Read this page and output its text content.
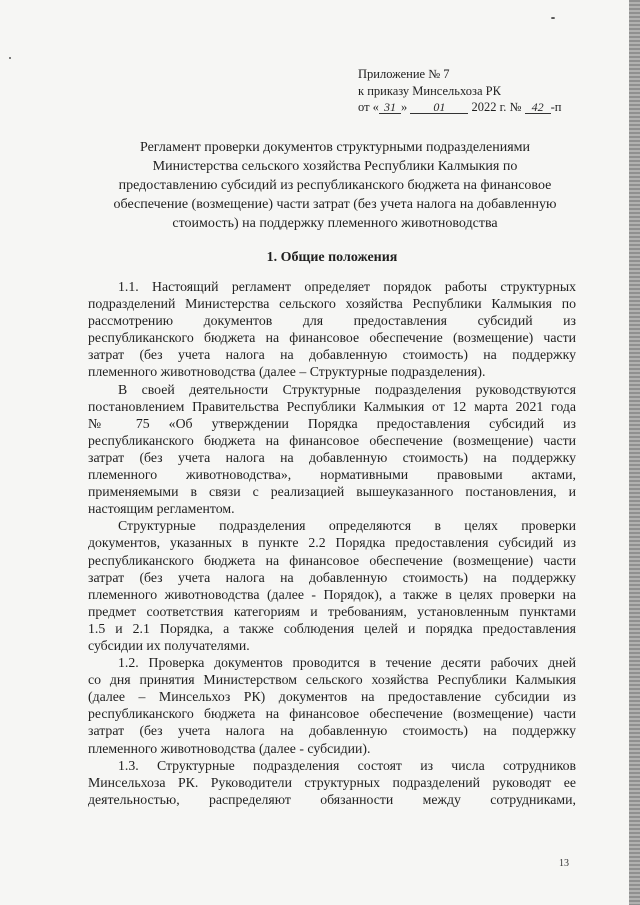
Приложение № 7
к приказу Минсельхоза РК
от « 31 » 01 2022 г. № 42 -п
Регламент проверки документов структурными подразделениями
Министерства сельского хозяйства Республики Калмыкия по
предоставлению субсидий из республиканского бюджета на финансовое
обеспечение (возмещение) части затрат (без учета налога на добавленную
стоимость) на поддержку племенного животноводства
1. Общие положения
1.1. Настоящий регламент определяет порядок работы структурных
подразделений Министерства сельского хозяйства Республики Калмыкия по
рассмотрению документов для предоставления субсидий из
республиканского бюджета на финансовое обеспечение (возмещение) части
затрат (без учета налога на добавленную стоимость) на поддержку
племенного животноводства (далее – Структурные подразделения).
В своей деятельности Структурные подразделения руководствуются
постановлением Правительства Республики Калмыкия от 12 марта 2021 года
№ 75 «Об утверждении Порядка предоставления субсидий из
республиканского бюджета на финансовое обеспечение (возмещение) части
затрат (без учета налога на добавленную стоимость) на поддержку
племенного животноводства», нормативными правовыми актами,
применяемыми в связи с реализацией вышеуказанного постановления, и
настоящим регламентом.
Структурные подразделения определяются в целях проверки
документов, указанных в пункте 2.2 Порядка предоставления субсидий из
республиканского бюджета на финансовое обеспечение (возмещение) части
затрат (без учета налога на добавленную стоимость) на поддержку
племенного животноводства (далее - Порядок), а также в целях проверки на
предмет соответствия категориям и требованиям, установленным пунктами
1.5 и 2.1 Порядка, а также соблюдения целей и порядка предоставления
субсидии их получателями.
1.2. Проверка документов проводится в течение десяти рабочих дней
со дня принятия Министерством сельского хозяйства Республики Калмыкия
(далее – Минсельхоз РК) документов на предоставление субсидии из
республиканского бюджета на финансовое обеспечение (возмещение) части
затрат (без учета налога на добавленную стоимость) на поддержку
племенного животноводства (далее - субсидии).
1.3. Структурные подразделения состоят из числа сотрудников
Минсельхоза РК. Руководители структурных подразделений руководят ее
деятельностью, распределяют обязанности между сотрудниками,
13
